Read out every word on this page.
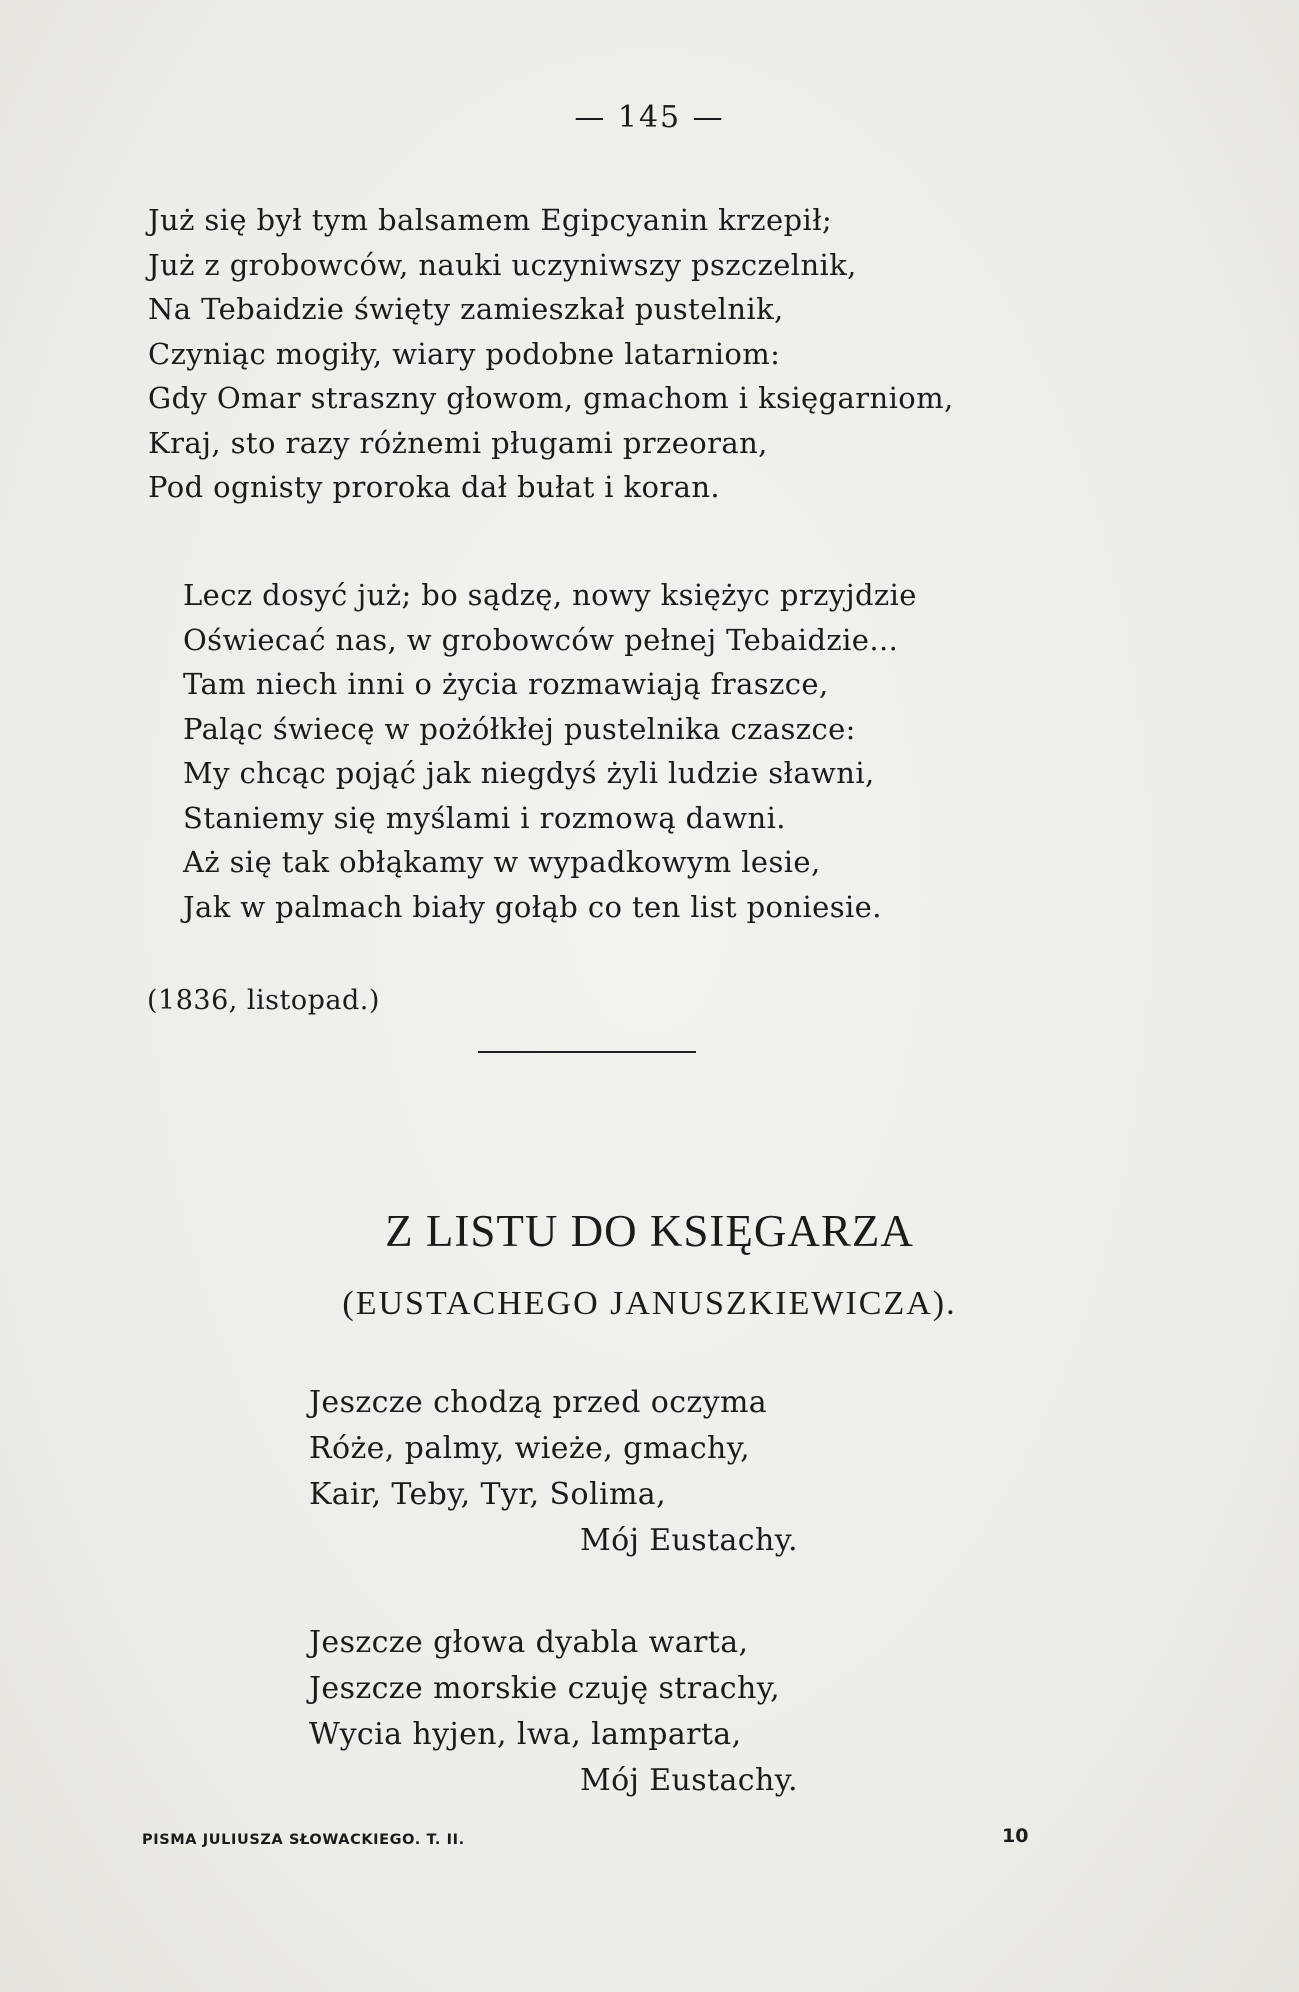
— 145 —
Już się był tym balsamem Egipcyanin krzepił;
Już z grobowców, nauki uczyniwszy pszczelnik,
Na Tebaidzie święty zamieszkał pustelnik,
Czyniąc mogiły, wiary podobne latarniom:
Gdy Omar straszny głowom, gmachom i księgarniom,
Kraj, sto razy różnemi pługami przeoran,
Pod ognisty proroka dał bułat i koran.
Lecz dosyć już; bo sądzę, nowy księżyc przyjdzie
Oświecać nas, w grobowców pełnej Tebaidzie...
Tam niech inni o życia rozmawiają fraszce,
Paląc świecę w pożółkłej pustelnika czaszce:
My chcąc pojąć jak niegdyś żyli ludzie sławni,
Staniemy się myślami i rozmową dawni.
Aż się tak obłąkamy w wypadkowym lesie,
Jak w palmach biały gołąb co ten list poniesie.
(1836, listopad.)
Z LISTU DO KSIĘGARZA
(EUSTACHEGO JANUSZKIEWICZA).
Jeszcze chodzą przed oczyma
Róże, palmy, wieże, gmachy,
Kair, Teby, Tyr, Solima,
Mój Eustachy.
Jeszcze głowa dyabla warta,
Jeszcze morskie czuję strachy,
Wycia hyjen, lwa, lamparta,
Mój Eustachy.
PISMA JULIUSZA SŁOWACKIEGO. T. II.	10
